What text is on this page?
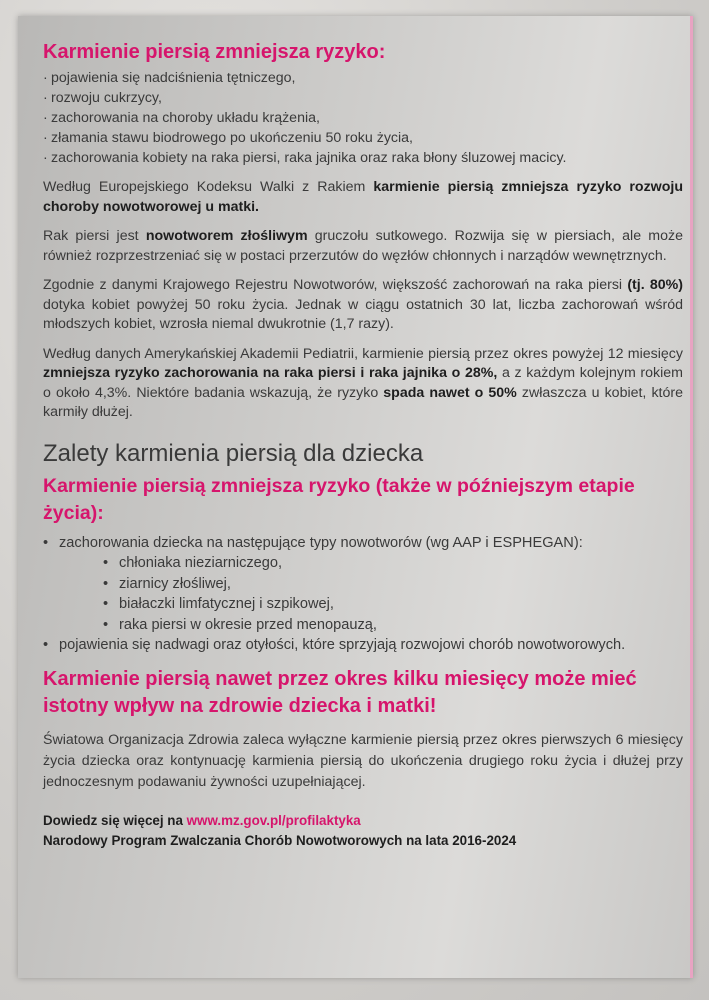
Karmienie piersią zmniejsza ryzyko:
· pojawienia się nadciśnienia tętniczego,
· rozwoju cukrzycy,
· zachorowania na choroby układu krążenia,
· złamania stawu biodrowego po ukończeniu 50 roku życia,
· zachorowania kobiety na raka piersi, raka jajnika oraz raka błony śluzowej macicy.

Według Europejskiego Kodeksu Walki z Rakiem karmienie piersią zmniejsza ryzyko rozwoju choroby nowotworowej u matki.

Rak piersi jest nowotworem złośliwym gruczołu sutkowego. Rozwija się w piersiach, ale może również rozprzestrzeniać się w postaci przerzutów do węzłów chłonnych i narządów wewnętrznych.

Zgodnie z danymi Krajowego Rejestru Nowotworów, większość zachorowań na raka piersi (tj. 80%) dotyka kobiet powyżej 50 roku życia. Jednak w ciągu ostatnich 30 lat, liczba zachorowań wśród młodszych kobiet, wzrosła niemal dwukrotnie (1,7 razy).

Według danych Amerykańskiej Akademii Pediatrii, karmienie piersią przez okres powyżej 12 miesięcy zmniejsza ryzyko zachorowania na raka piersi i raka jajnika o 28%, a z każdym kolejnym rokiem o około 4,3%. Niektóre badania wskazują, że ryzyko spada nawet o 50% zwłaszcza u kobiet, które karmiły dłużej.

Zalety karmienia piersią dla dziecka
Karmienie piersią zmniejsza ryzyko (także w późniejszym etapie życia):
• zachorowania dziecka na następujące typy nowotworów (wg AAP i ESPHEGAN):
• chłoniaka nieziarniczego,
• ziarnicy złośliwej,
• białaczki limfatycznej i szpikowej,
• raka piersi w okresie przed menopauzą,
• pojawienia się nadwagi oraz otyłości, które sprzyjają rozwojowi chorób nowotworowych.
Karmienie piersią nawet przez okres kilku miesięcy może mieć istotny wpływ na zdrowie dziecka i matki!

Światowa Organizacja Zdrowia zaleca wyłączne karmienie piersią przez okres pierwszych 6 miesięcy życia dziecka oraz kontynuację karmienia piersią do ukończenia drugiego roku życia i dłużej przy jednoczesnym podawaniu żywności uzupełniającej.

Dowiedz się więcej na www.mz.gov.pl/profilaktyka

Narodowy Program Zwalczania Chorób Nowotworowych na lata 2016-2024
